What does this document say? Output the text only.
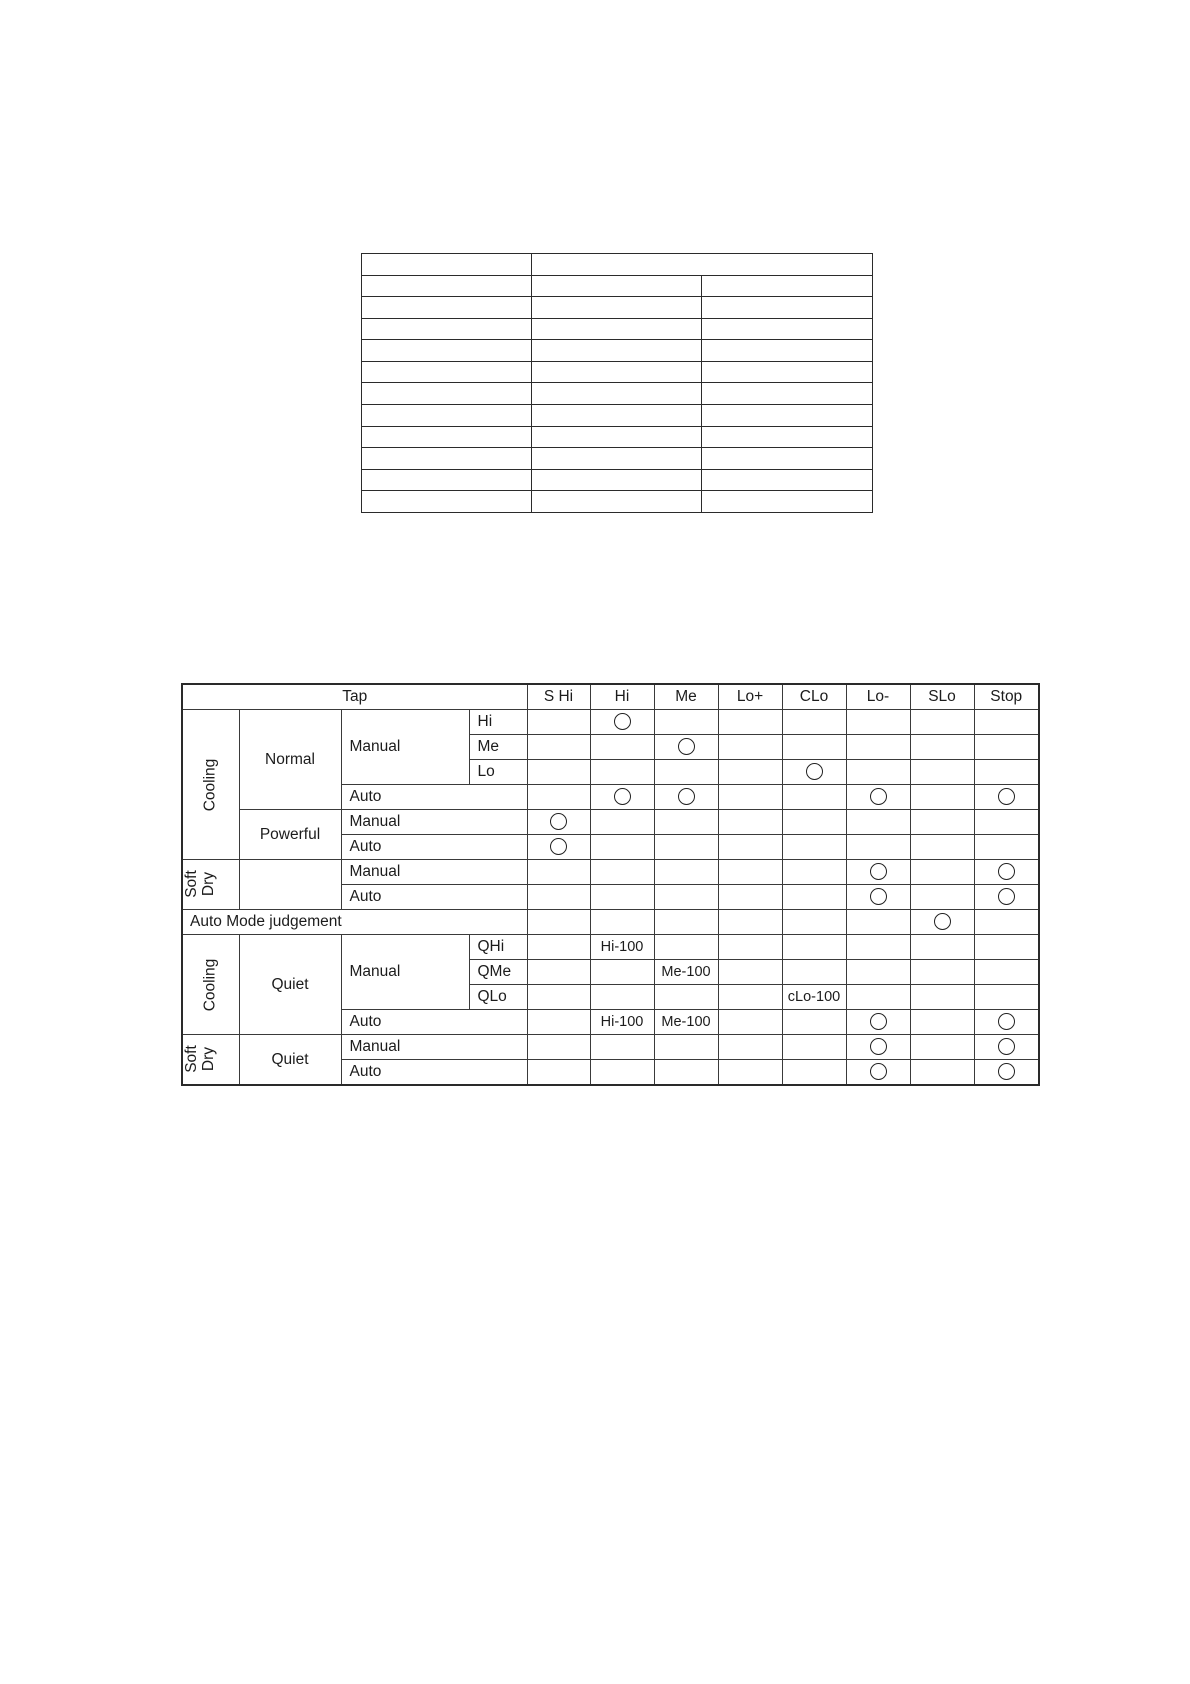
Tap				S Hi	Hi	Me	Lo+	CLo	Lo-	SLo	Stop
Cooling	Normal	Manual	Hi								
			Me								
			Lo								
		Auto									
	Powerful	Manual									
		Auto									
Soft Dry		Manual									
		Auto									
Auto Mode judgement											
Cooling	Quiet	Manual	QHi		Hi-100						
			QMe			Me-100					
			QLo					cLo-100			
		Auto			Hi-100	Me-100					
Soft Dry	Quiet	Manual									
		Auto									
